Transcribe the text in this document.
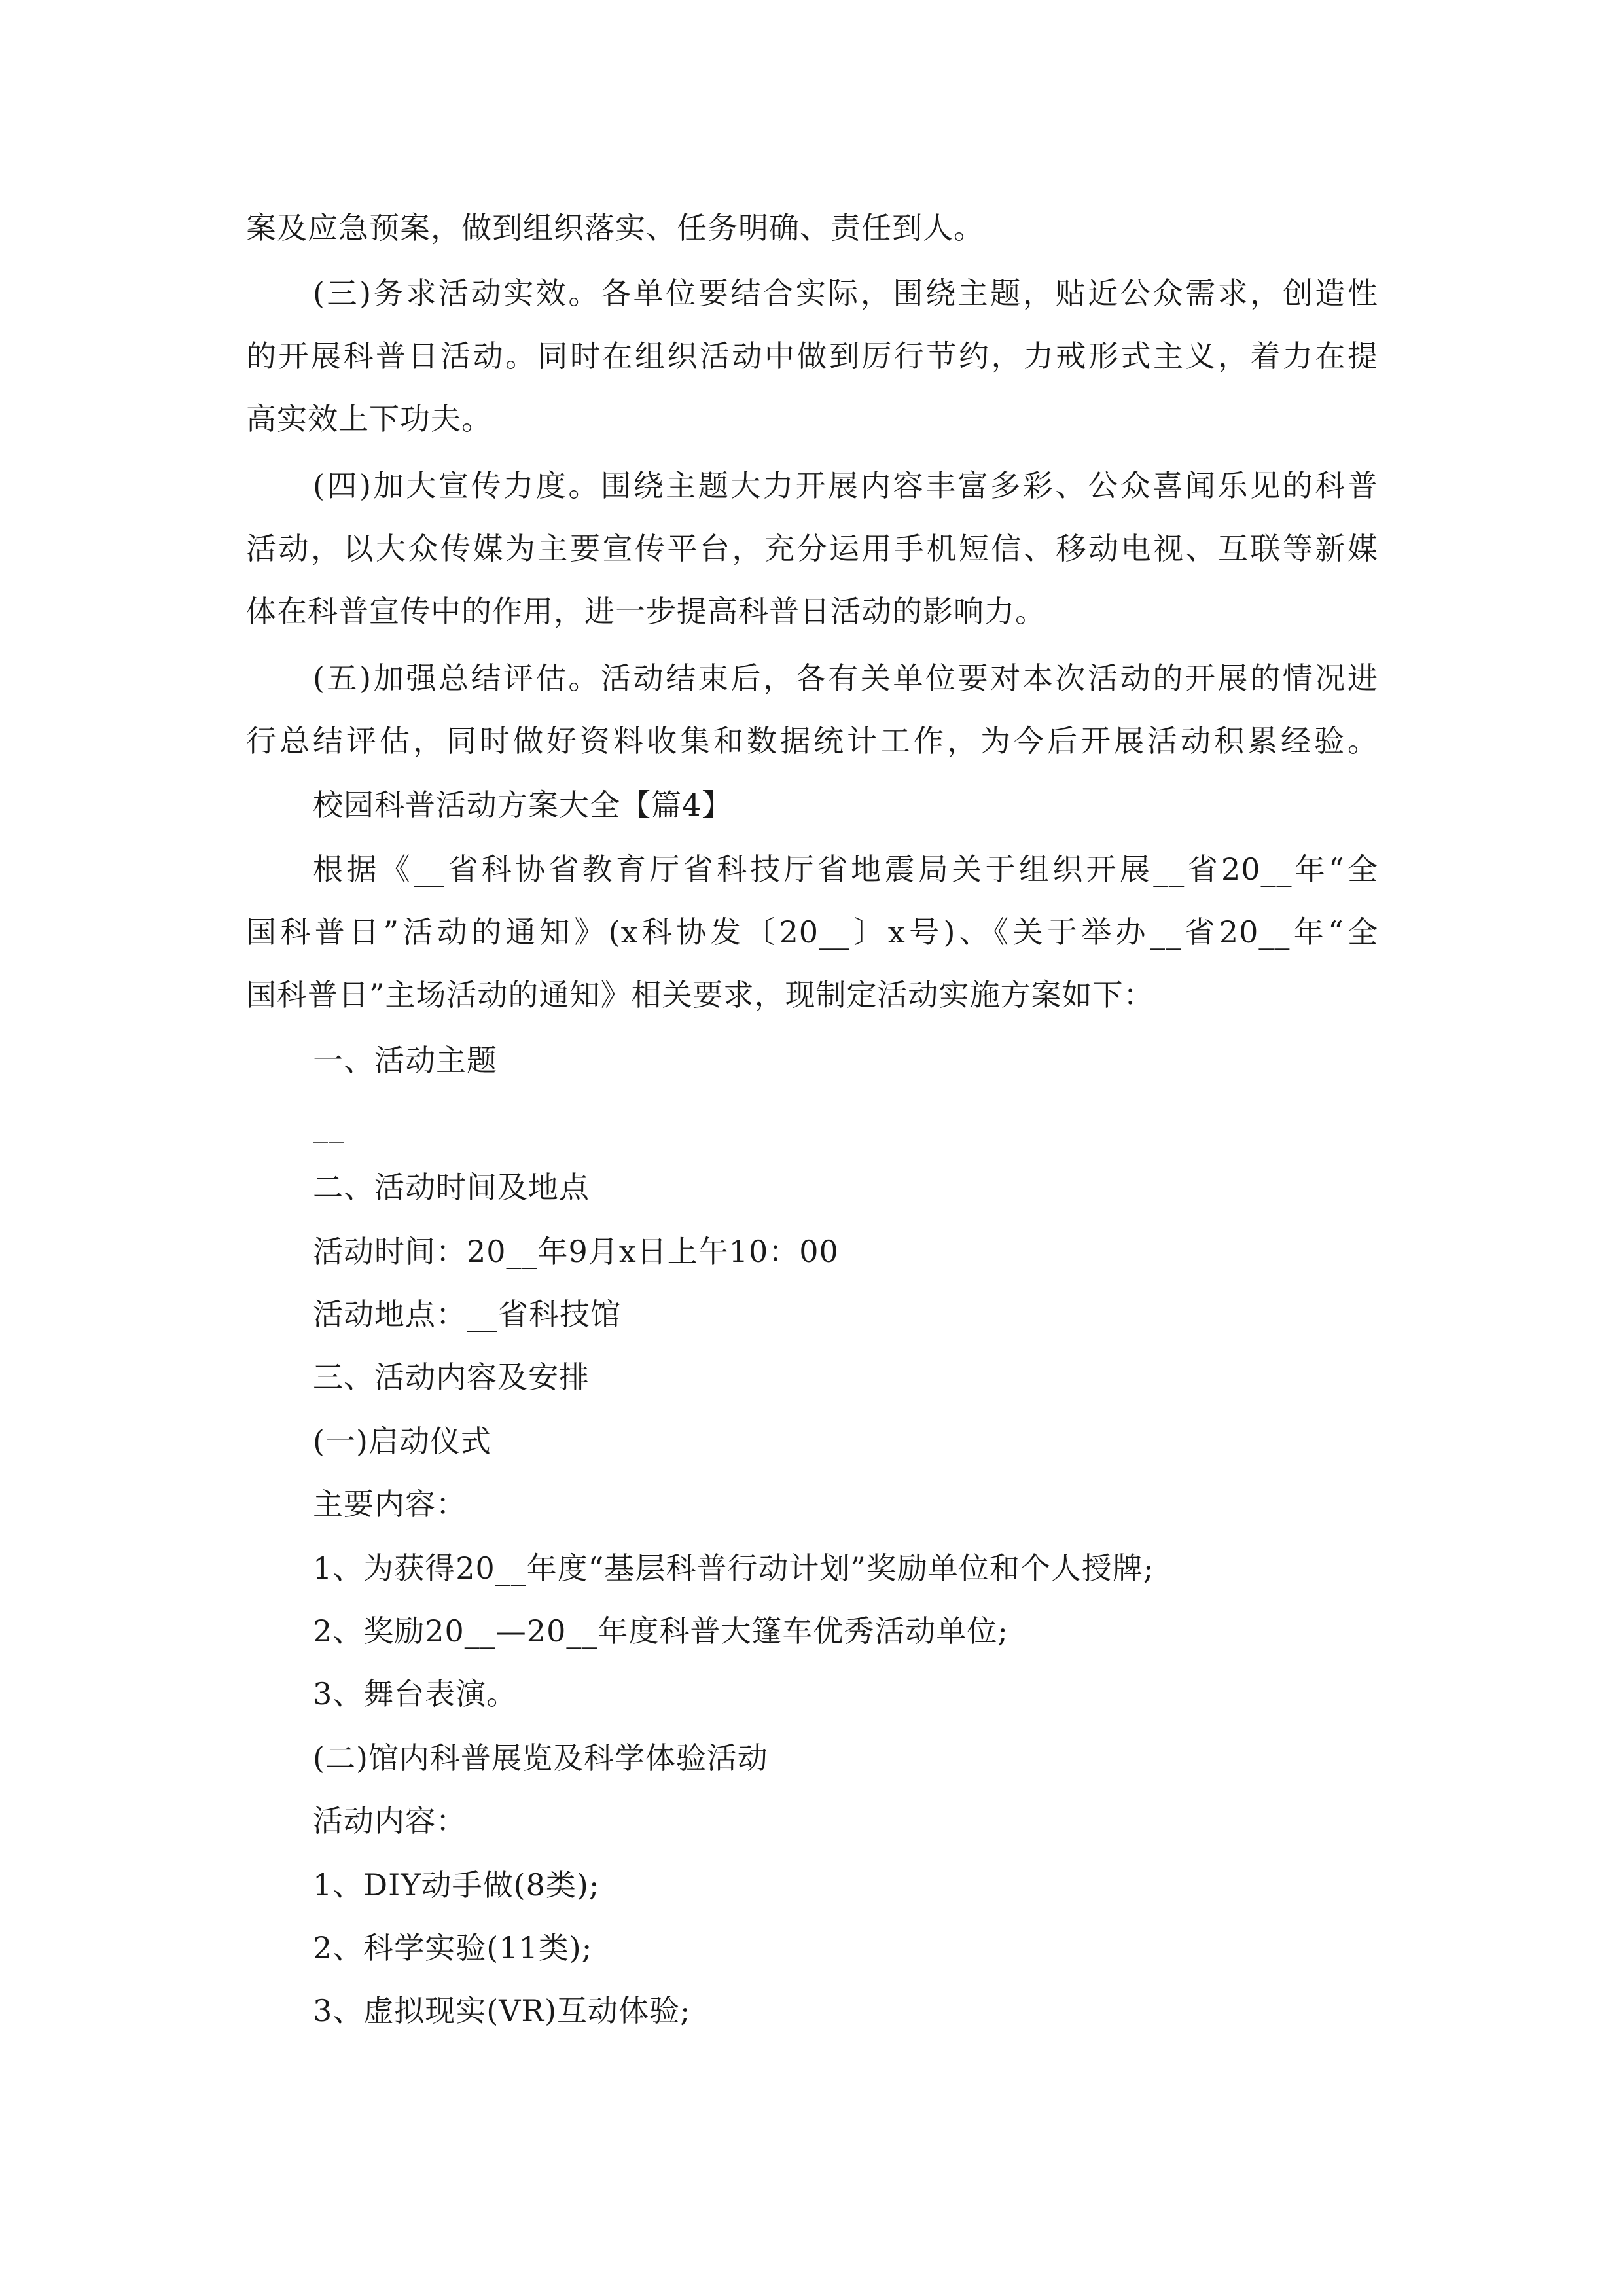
案及应急预案，做到组织落实、任务明确、责任到人。
(三)务求活动实效。各单位要结合实际，围绕主题，贴近公众需求，创造性
的开展科普日活动。同时在组织活动中做到厉行节约，力戒形式主义，着力在提
高实效上下功夫。
(四)加大宣传力度。围绕主题大力开展内容丰富多彩、公众喜闻乐见的科普
活动，以大众传媒为主要宣传平台，充分运用手机短信、移动电视、互联等新媒
体在科普宣传中的作用，进一步提高科普日活动的影响力。
(五)加强总结评估。活动结束后，各有关单位要对本次活动的开展的情况进
行总结评估，同时做好资料收集和数据统计工作，为今后开展活动积累经验。
校园科普活动方案大全【篇4】
根据《__省科协省教育厅省科技厅省地震局关于组织开展__省20__年“全
国科普日”活动的通知》(x科协发〔20__〕x号)、《关于举办__省20__年“全
国科普日”主场活动的通知》相关要求，现制定活动实施方案如下：
一、活动主题
__
二、活动时间及地点
活动时间：20__年9月x日上午10：00
活动地点：__省科技馆
三、活动内容及安排
(一)启动仪式
主要内容：
1、为获得20__年度“基层科普行动计划”奖励单位和个人授牌;
2、奖励20__—20__年度科普大篷车优秀活动单位;
3、舞台表演。
(二)馆内科普展览及科学体验活动
活动内容：
1、DIY动手做(8类);
2、科学实验(11类);
3、虚拟现实(VR)互动体验;
